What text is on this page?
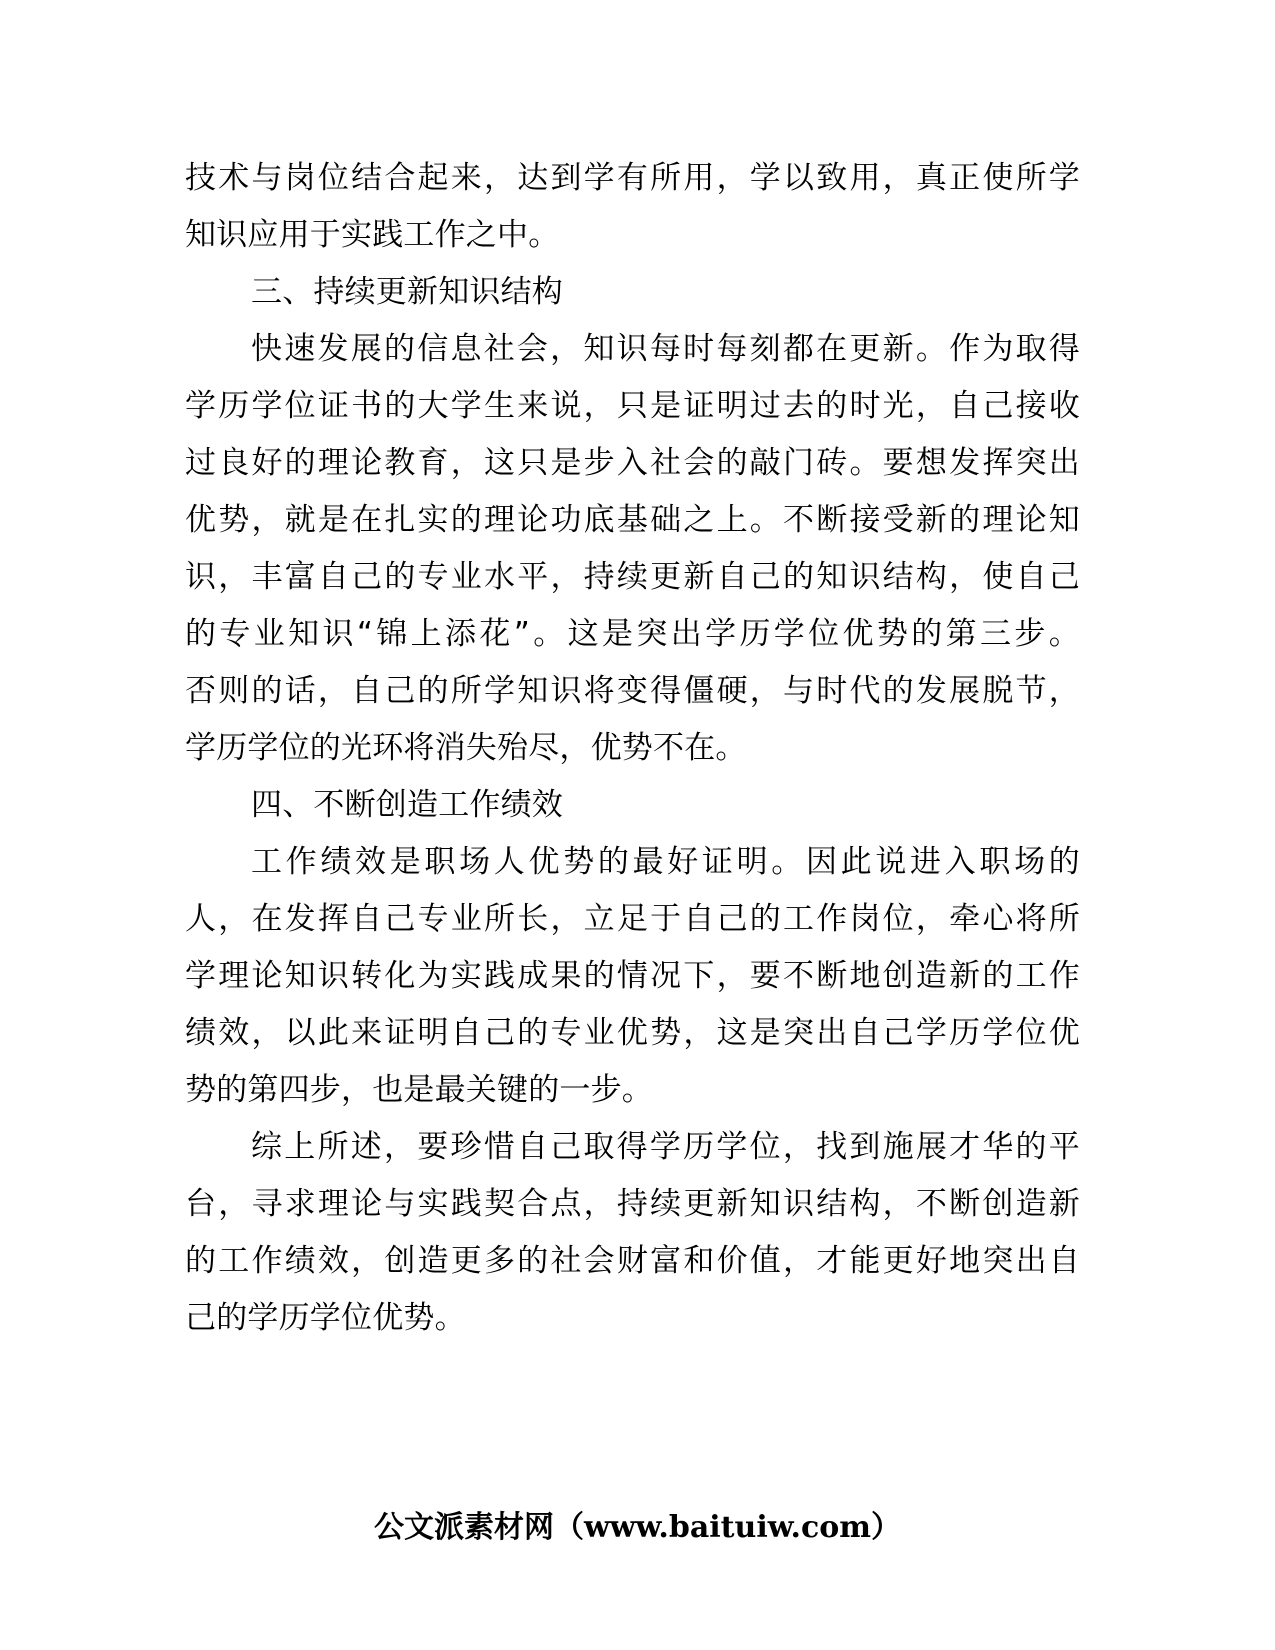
技术与岗位结合起来，达到学有所用，学以致用，真正使所学
知识应用于实践工作之中。
三、持续更新知识结构
快速发展的信息社会，知识每时每刻都在更新。作为取得
学历学位证书的大学生来说，只是证明过去的时光，自己接收
过良好的理论教育，这只是步入社会的敲门砖。要想发挥突出
优势，就是在扎实的理论功底基础之上。不断接受新的理论知
识，丰富自己的专业水平，持续更新自己的知识结构，使自己
的专业知识“锦上添花”。这是突出学历学位优势的第三步。
否则的话，自己的所学知识将变得僵硬，与时代的发展脱节，
学历学位的光环将消失殆尽，优势不在。
四、不断创造工作绩效
工作绩效是职场人优势的最好证明。因此说进入职场的
人，在发挥自己专业所长，立足于自己的工作岗位，牵心将所
学理论知识转化为实践成果的情况下，要不断地创造新的工作
绩效，以此来证明自己的专业优势，这是突出自己学历学位优
势的第四步，也是最关键的一步。
综上所述，要珍惜自己取得学历学位，找到施展才华的平
台，寻求理论与实践契合点，持续更新知识结构，不断创造新
的工作绩效，创造更多的社会财富和价值，才能更好地突出自
己的学历学位优势。
公文派素材网（www.baituiw.com）
